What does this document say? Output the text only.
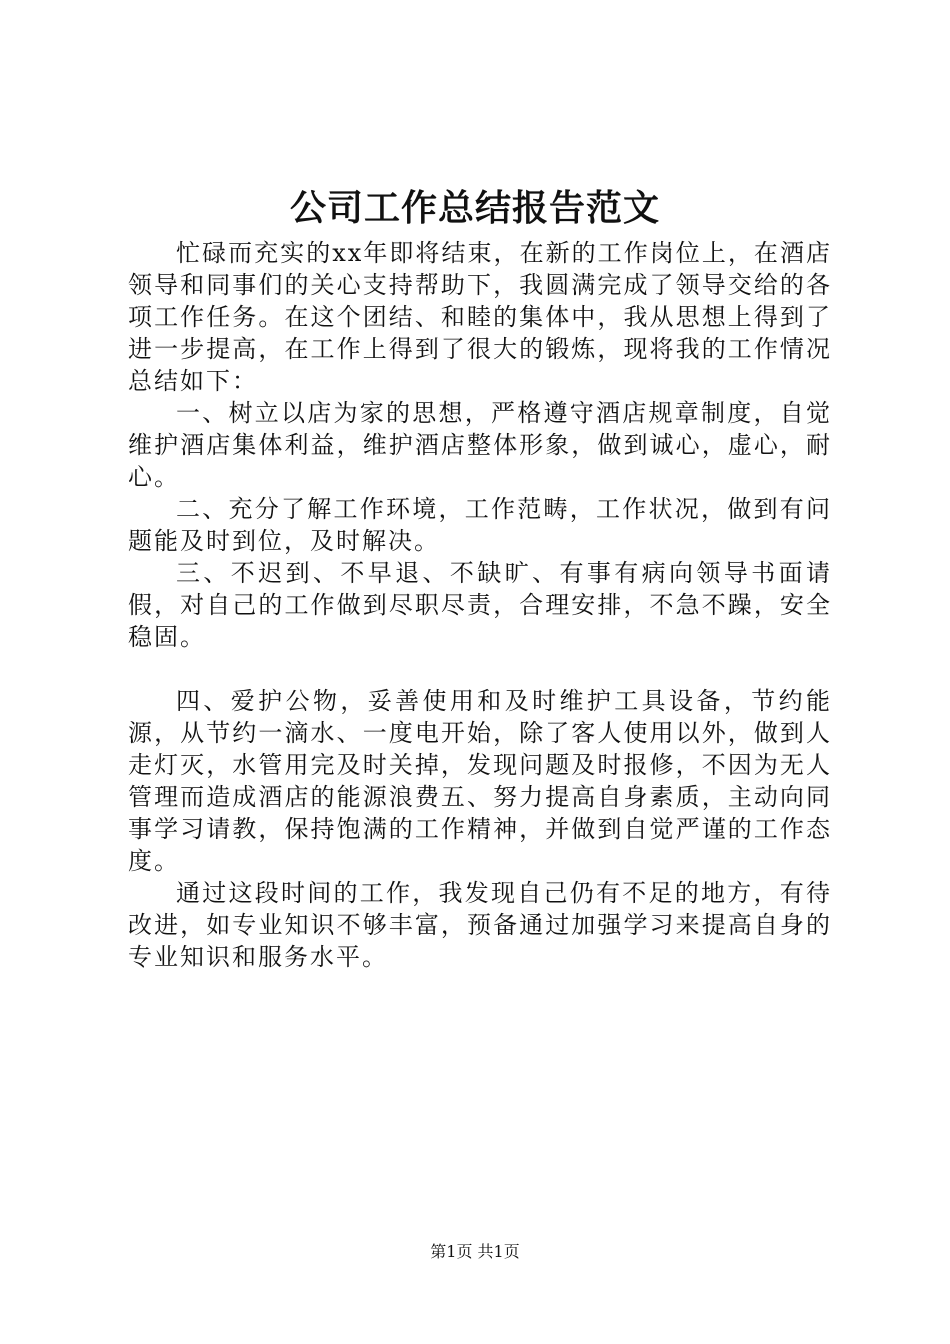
公司工作总结报告范文

忙碌而充实的xx年即将结束，在新的工作岗位上，在酒店领导和同事们的关心支持帮助下，我圆满完成了领导交给的各项工作任务。在这个团结、和睦的集体中，我从思想上得到了进一步提高，在工作上得到了很大的锻炼，现将我的工作情况总结如下：

一、树立以店为家的思想，严格遵守酒店规章制度，自觉维护酒店集体利益，维护酒店整体形象，做到诚心，虚心，耐心。

二、充分了解工作环境，工作范畴，工作状况，做到有问题能及时到位，及时解决。

三、不迟到、不早退、不缺旷、有事有病向领导书面请假，对自己的工作做到尽职尽责，合理安排，不急不躁，安全稳固。

四、爱护公物，妥善使用和及时维护工具设备，节约能源，从节约一滴水、一度电开始，除了客人使用以外，做到人走灯灭，水管用完及时关掉，发现问题及时报修，不因为无人管理而造成酒店的能源浪费五、努力提高自身素质，主动向同事学习请教，保持饱满的工作精神，并做到自觉严谨的工作态度。

通过这段时间的工作，我发现自己仍有不足的地方，有待改进，如专业知识不够丰富，预备通过加强学习来提高自身的专业知识和服务水平。

第1页 共1页
